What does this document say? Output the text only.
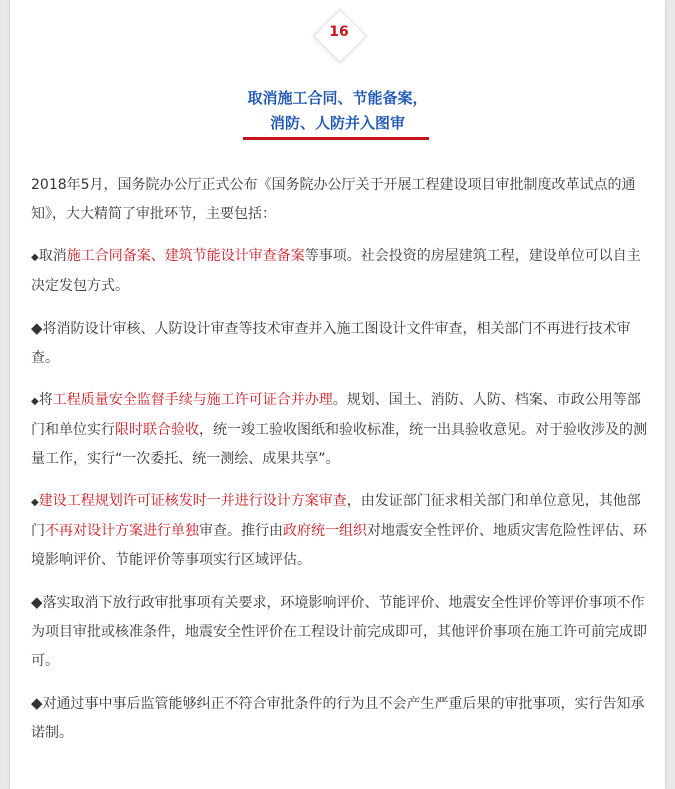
16
取消施工合同、节能备案，
消防、人防并入图审

2018年5月，国务院办公厅正式公布《国务院办公厅关于开展工程建设项目审批制度改革试点的通知》，大大精简了审批环节，主要包括：

◆取消施工合同备案、建筑节能设计审查备案等事项。社会投资的房屋建筑工程，建设单位可以自主决定发包方式。

◆将消防设计审核、人防设计审查等技术审查并入施工图设计文件审查，相关部门不再进行技术审查。

◆将工程质量安全监督手续与施工许可证合并办理。规划、国土、消防、人防、档案、市政公用等部门和单位实行限时联合验收，统一竣工验收图纸和验收标准，统一出具验收意见。对于验收涉及的测量工作，实行“一次委托、统一测绘、成果共享”。

◆建设工程规划许可证核发时一并进行设计方案审查，由发证部门征求相关部门和单位意见，其他部门不再对设计方案进行单独审查。推行由政府统一组织对地震安全性评价、地质灾害危险性评估、环境影响评价、节能评价等事项实行区域评估。

◆落实取消下放行政审批事项有关要求，环境影响评价、节能评价、地震安全性评价等评价事项不作为项目审批或核准条件，地震安全性评价在工程设计前完成即可，其他评价事项在施工许可前完成即可。

◆对通过事中事后监管能够纠正不符合审批条件的行为且不会产生严重后果的审批事项，实行告知承诺制。
